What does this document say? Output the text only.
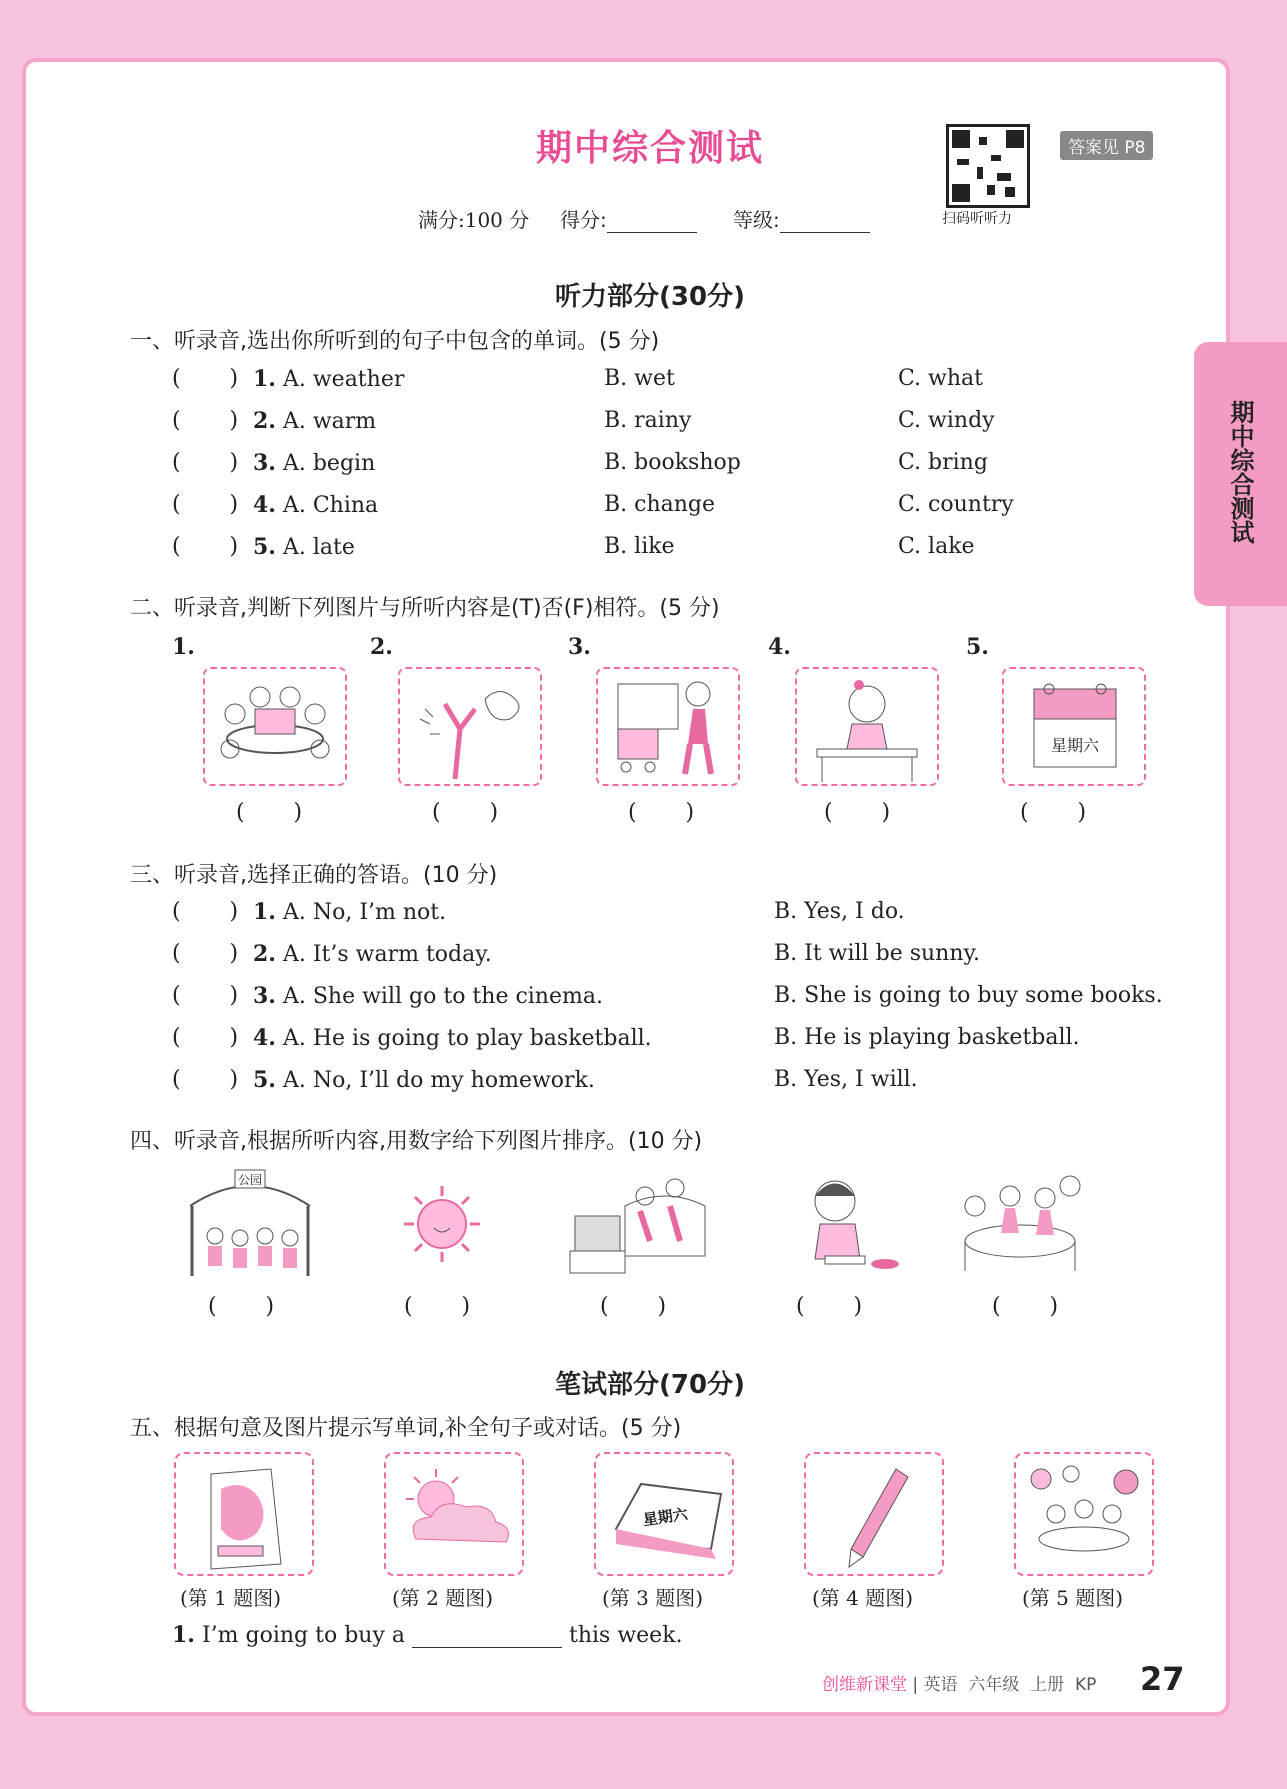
期中综合测试
满分:100 分 得分:	等级:	扫码听听力
答案见 P8
期中综合测试
听力部分(30分)
一、听录音,选出你所听到的句子中包含的单词。(5 分)
(       ) 1. A. weather	B. wet	C. what
(       ) 2. A. warm	B. rainy	C. windy
(       ) 3. A. begin	B. bookshop	C. bring
(       ) 4. A. China	B. change	C. country
(       ) 5. A. late	B. like	C. lake
二、听录音,判断下列图片与所听内容是(T)否(F)相符。(5 分)
1.	2.	3.	4.	5.
星期六
(       )	(       )	(       )	(       )	(       )
三、听录音,选择正确的答语。(10 分)
(       ) 1. A. No, I’m not.	B. Yes, I do.
(       ) 2. A. It’s warm today.	B. It will be sunny.
(       ) 3. A. She will go to the cinema.	B. She is going to buy some books.
(       ) 4. A. He is going to play basketball.	B. He is playing basketball.
(       ) 5. A. No, I’ll do my homework.	B. Yes, I will.
四、听录音,根据所听内容,用数字给下列图片排序。(10 分)
公园
(       )	(       )	(       )	(       )	(       )
笔试部分(70分)
五、根据句意及图片提示写单词,补全句子或对话。(5 分)
星期六
(第 1 题图)	(第 2 题图)	(第 3 题图)	(第 4 题图)	(第 5 题图)
1. I’m going to buy a	this week.
创维新课堂 | 英语 六年级 上册 KP 27
